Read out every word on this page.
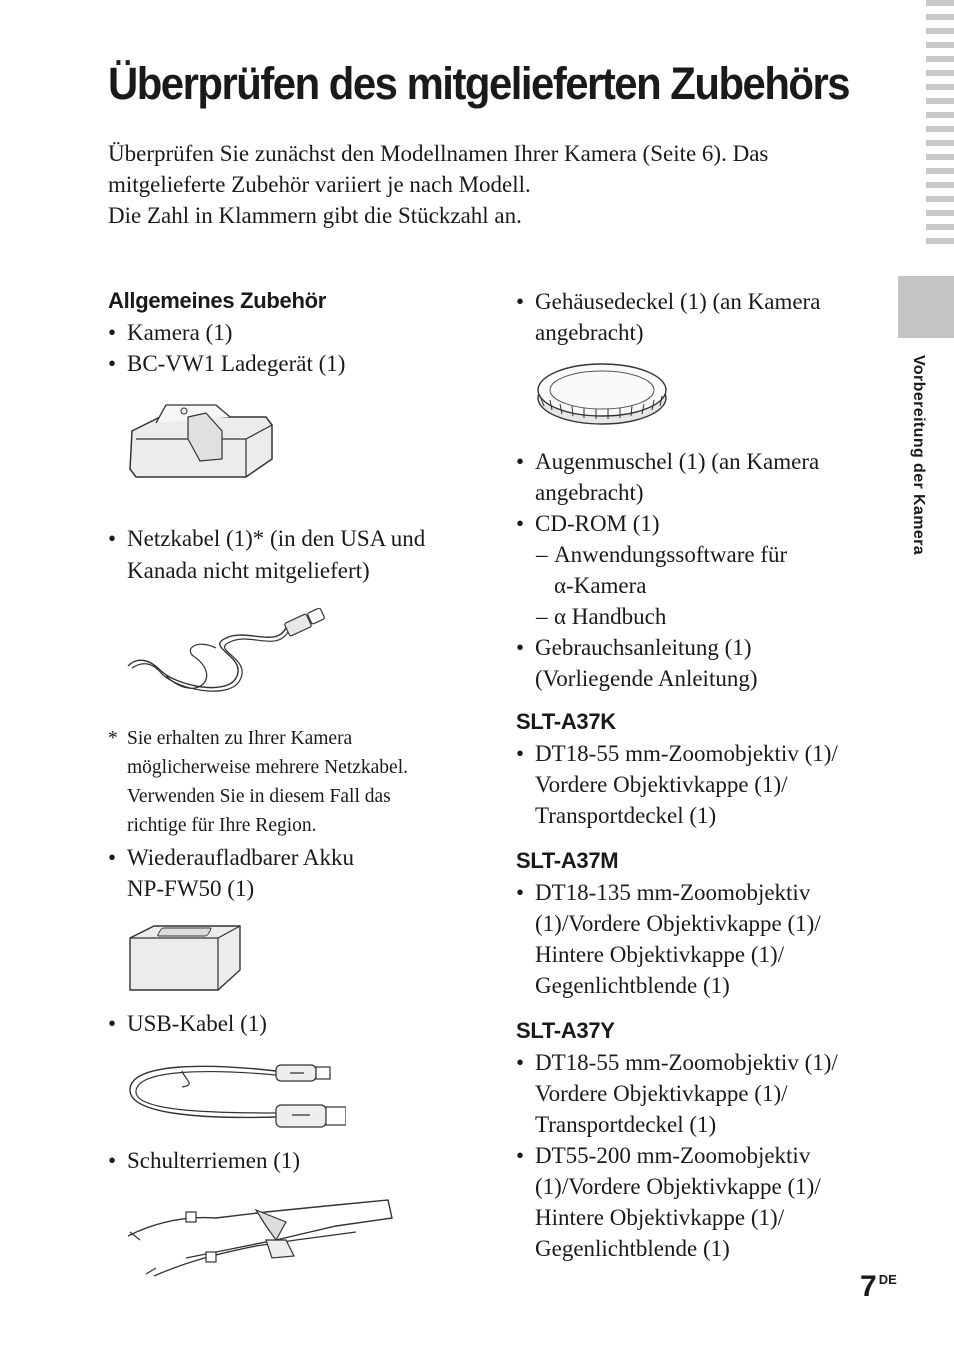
Überprüfen des mitgelieferten Zubehörs

Überprüfen Sie zunächst den Modellnamen Ihrer Kamera (Seite 6). Das

mitgelieferte Zubehör variiert je nach Modell.

Die Zahl in Klammern gibt die Stückzahl an.

Allgemeines Zubehör

• Kamera (1)

• BC-VW1 Ladegerät (1)

• Netzkabel (1)* (in den USA und
Kanada nicht mitgeliefert)

* Sie erhalten zu Ihrer Kamera

möglicherweise mehrere Netzkabel.

Verwenden Sie in diesem Fall das

richtige für Ihre Region.

• Wiederaufladbarer Akku
NP-FW50 (1)

• USB-Kabel (1)

• Schulterriemen (1)

• Gehäusedeckel (1) (an Kamera
angebracht)

• Augenmuschel (1) (an Kamera
angebracht)

• CD-ROM (1)

– Anwendungssoftware für
α-Kamera

– α Handbuch

• Gebrauchsanleitung (1)
(Vorliegende Anleitung)

SLT-A37K

• DT18-55 mm-Zoomobjektiv (1)/
Vordere Objektivkappe (1)/
Transportdeckel (1)

SLT-A37M

• DT18-135 mm-Zoomobjektiv
(1)/Vordere Objektivkappe (1)/
Hintere Objektivkappe (1)/
Gegenlichtblende (1)

SLT-A37Y

• DT18-55 mm-Zoomobjektiv (1)/
Vordere Objektivkappe (1)/
Transportdeckel (1)

• DT55-200 mm-Zoomobjektiv
(1)/Vordere Objektivkappe (1)/
Hintere Objektivkappe (1)/
Gegenlichtblende (1)

Vorbereitung der Kamera
7 $^{DE}$
